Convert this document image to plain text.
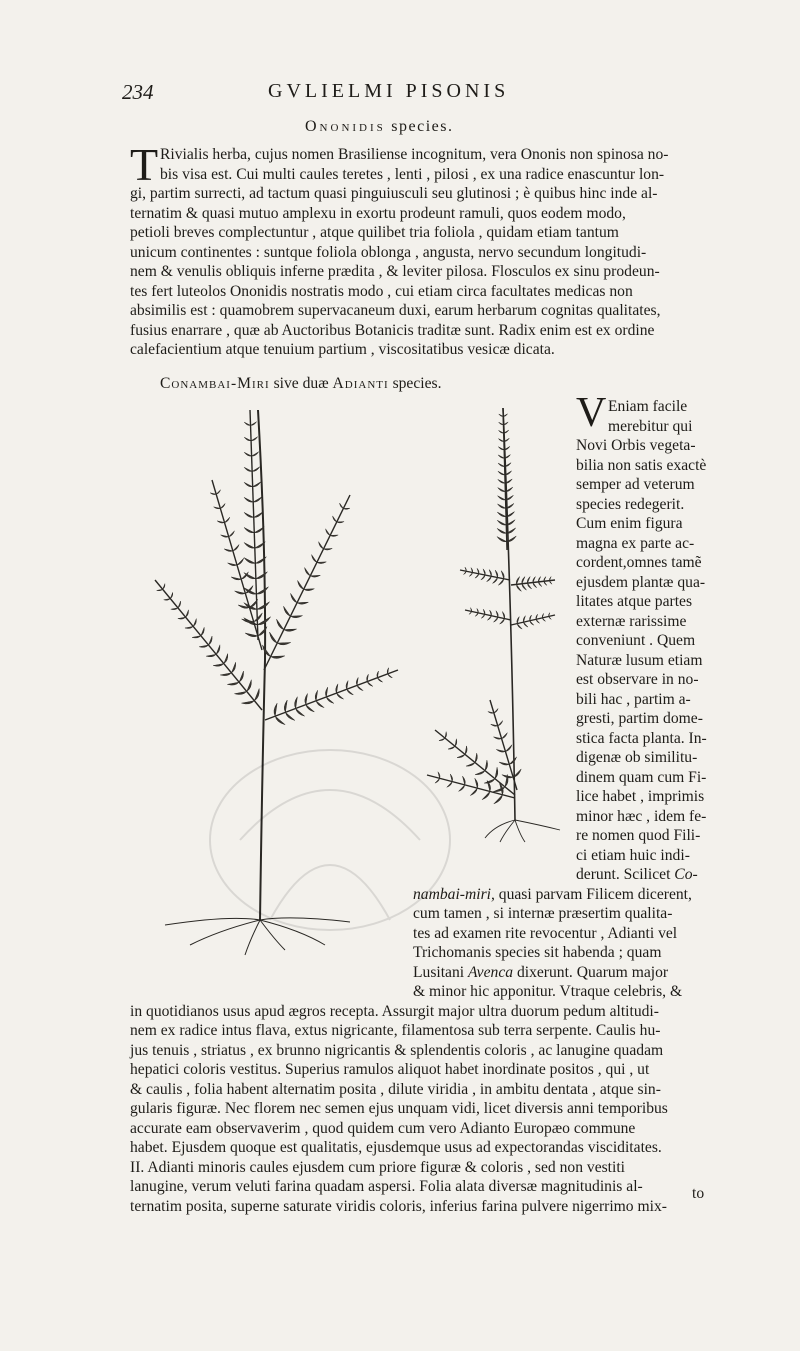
234	GVLIELMI PISONIS
Ononidis species.
T Rivialis herba, cujus nomen Brasiliense incognitum, vera Ononis non spinosa no-
bis visa est. Cui multi caules teretes , lenti , pilosi , ex una radice enascuntur lon-
gi, partim surrecti, ad tactum quasi pinguiusculi seu glutinosi ; è quibus hinc inde al-
ternatim & quasi mutuo amplexu in exortu prodeunt ramuli, quos eodem modo,
petioli breves complectuntur , atque quilibet tria foliola , quidam etiam tantum
unicum continentes : suntque foliola oblonga , angusta, nervo secundum longitudi-
nem & venulis obliquis inferne prædita , & leviter pilosa. Flosculos ex sinu prodeun-
tes fert luteolos Ononidis nostratis modo , cui etiam circa facultates medicas non
absimilis est : quamobrem supervacaneum duxi, earum herbarum cognitas qualitates,
fusius enarrare , quæ ab Auctoribus Botanicis traditæ sunt. Radix enim est ex ordine
calefacientium atque tenuium partium , viscositatibus vesicæ dicata.
Conambai-Miri sive duæ Adianti species.
V Eniam facile
merebitur qui
Novi Orbis vegeta-
bilia non satis exactè
semper ad veterum
species redegerit.
Cum enim figura
magna ex parte ac-
cordent,omnes tamẽ
ejusdem plantæ qua-
litates atque partes
externæ rarissime
conveniunt . Quem
Naturæ lusum etiam
est observare in no-
bili hac , partim a-
gresti, partim dome-
stica facta planta. In-
digenæ ob similitu-
dinem quam cum Fi-
lice habet , imprimis
minor hæc , idem fe-
re nomen quod Fili-
ci etiam huic indi-
derunt. Scilicet Co-
nambai-miri, quasi parvam Filicem dicerent,
cum tamen , si internæ præsertim qualita-
tes ad examen rite revocentur , Adianti vel
Trichomanis species sit habenda ; quam
Lusitani Avenca dixerunt. Quarum major
& minor hic apponitur. Vtraque celebris, &
in quotidianos usus apud ægros recepta. Assurgit major ultra duorum pedum altitudi-
nem ex radice intus flava, extus nigricante, filamentosa sub terra serpente. Caulis hu-
jus tenuis , striatus , ex brunno nigricantis & splendentis coloris , ac lanugine quadam
hepatici coloris vestitus. Superius ramulos aliquot habet inordinate positos , qui , ut
& caulis , folia habent alternatim posita , dilute viridia , in ambitu dentata , atque sin-
gularis figuræ. Nec florem nec semen ejus unquam vidi, licet diversis anni temporibus
accurate eam observaverim , quod quidem cum vero Adianto Europæo commune
habet. Ejusdem quoque est qualitatis, ejusdemque usus ad expectorandas visciditates.
II. Adianti minoris caules ejusdem cum priore figuræ & coloris , sed non vestiti
lanugine, verum veluti farina quadam aspersi. Folia alata diversæ magnitudinis al-
ternatim posita, superne saturate viridis coloris, inferius farina pulvere nigerrimo mix-
to
